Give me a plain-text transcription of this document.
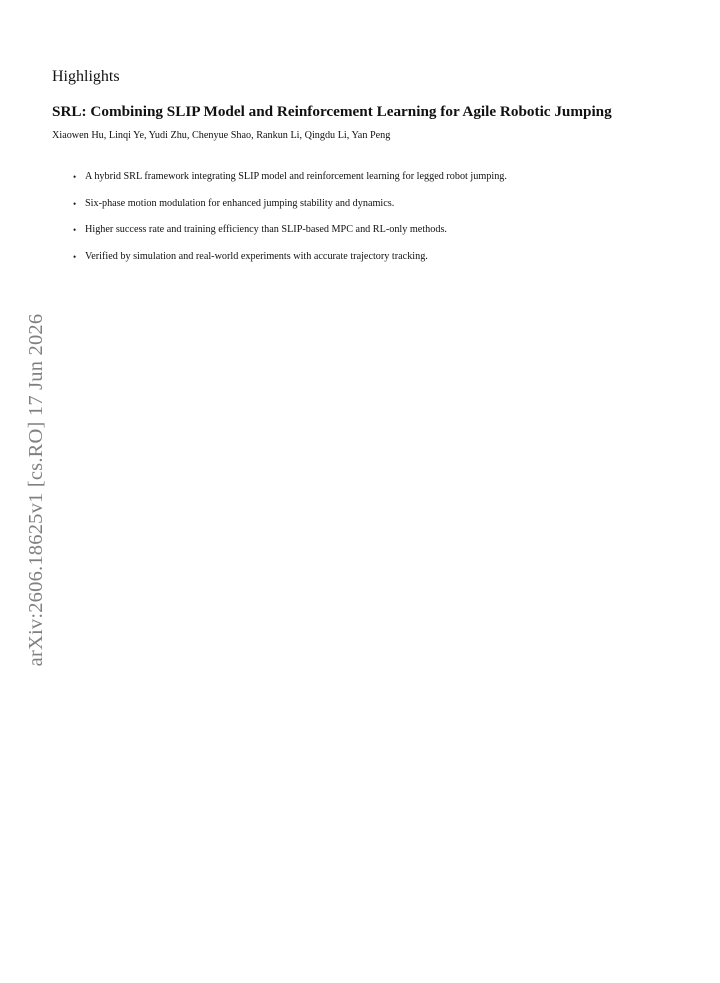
Highlights
SRL: Combining SLIP Model and Reinforcement Learning for Agile Robotic Jumping
Xiaowen Hu, Linqi Ye, Yudi Zhu, Chenyue Shao, Rankun Li, Qingdu Li, Yan Peng
• A hybrid SRL framework integrating SLIP model and reinforcement learning for legged robot jumping.
• Six-phase motion modulation for enhanced jumping stability and dynamics.
• Higher success rate and training efficiency than SLIP-based MPC and RL-only methods.
• Verified by simulation and real-world experiments with accurate trajectory tracking.
arXiv:2606.18625v1 [cs.RO] 17 Jun 2026
